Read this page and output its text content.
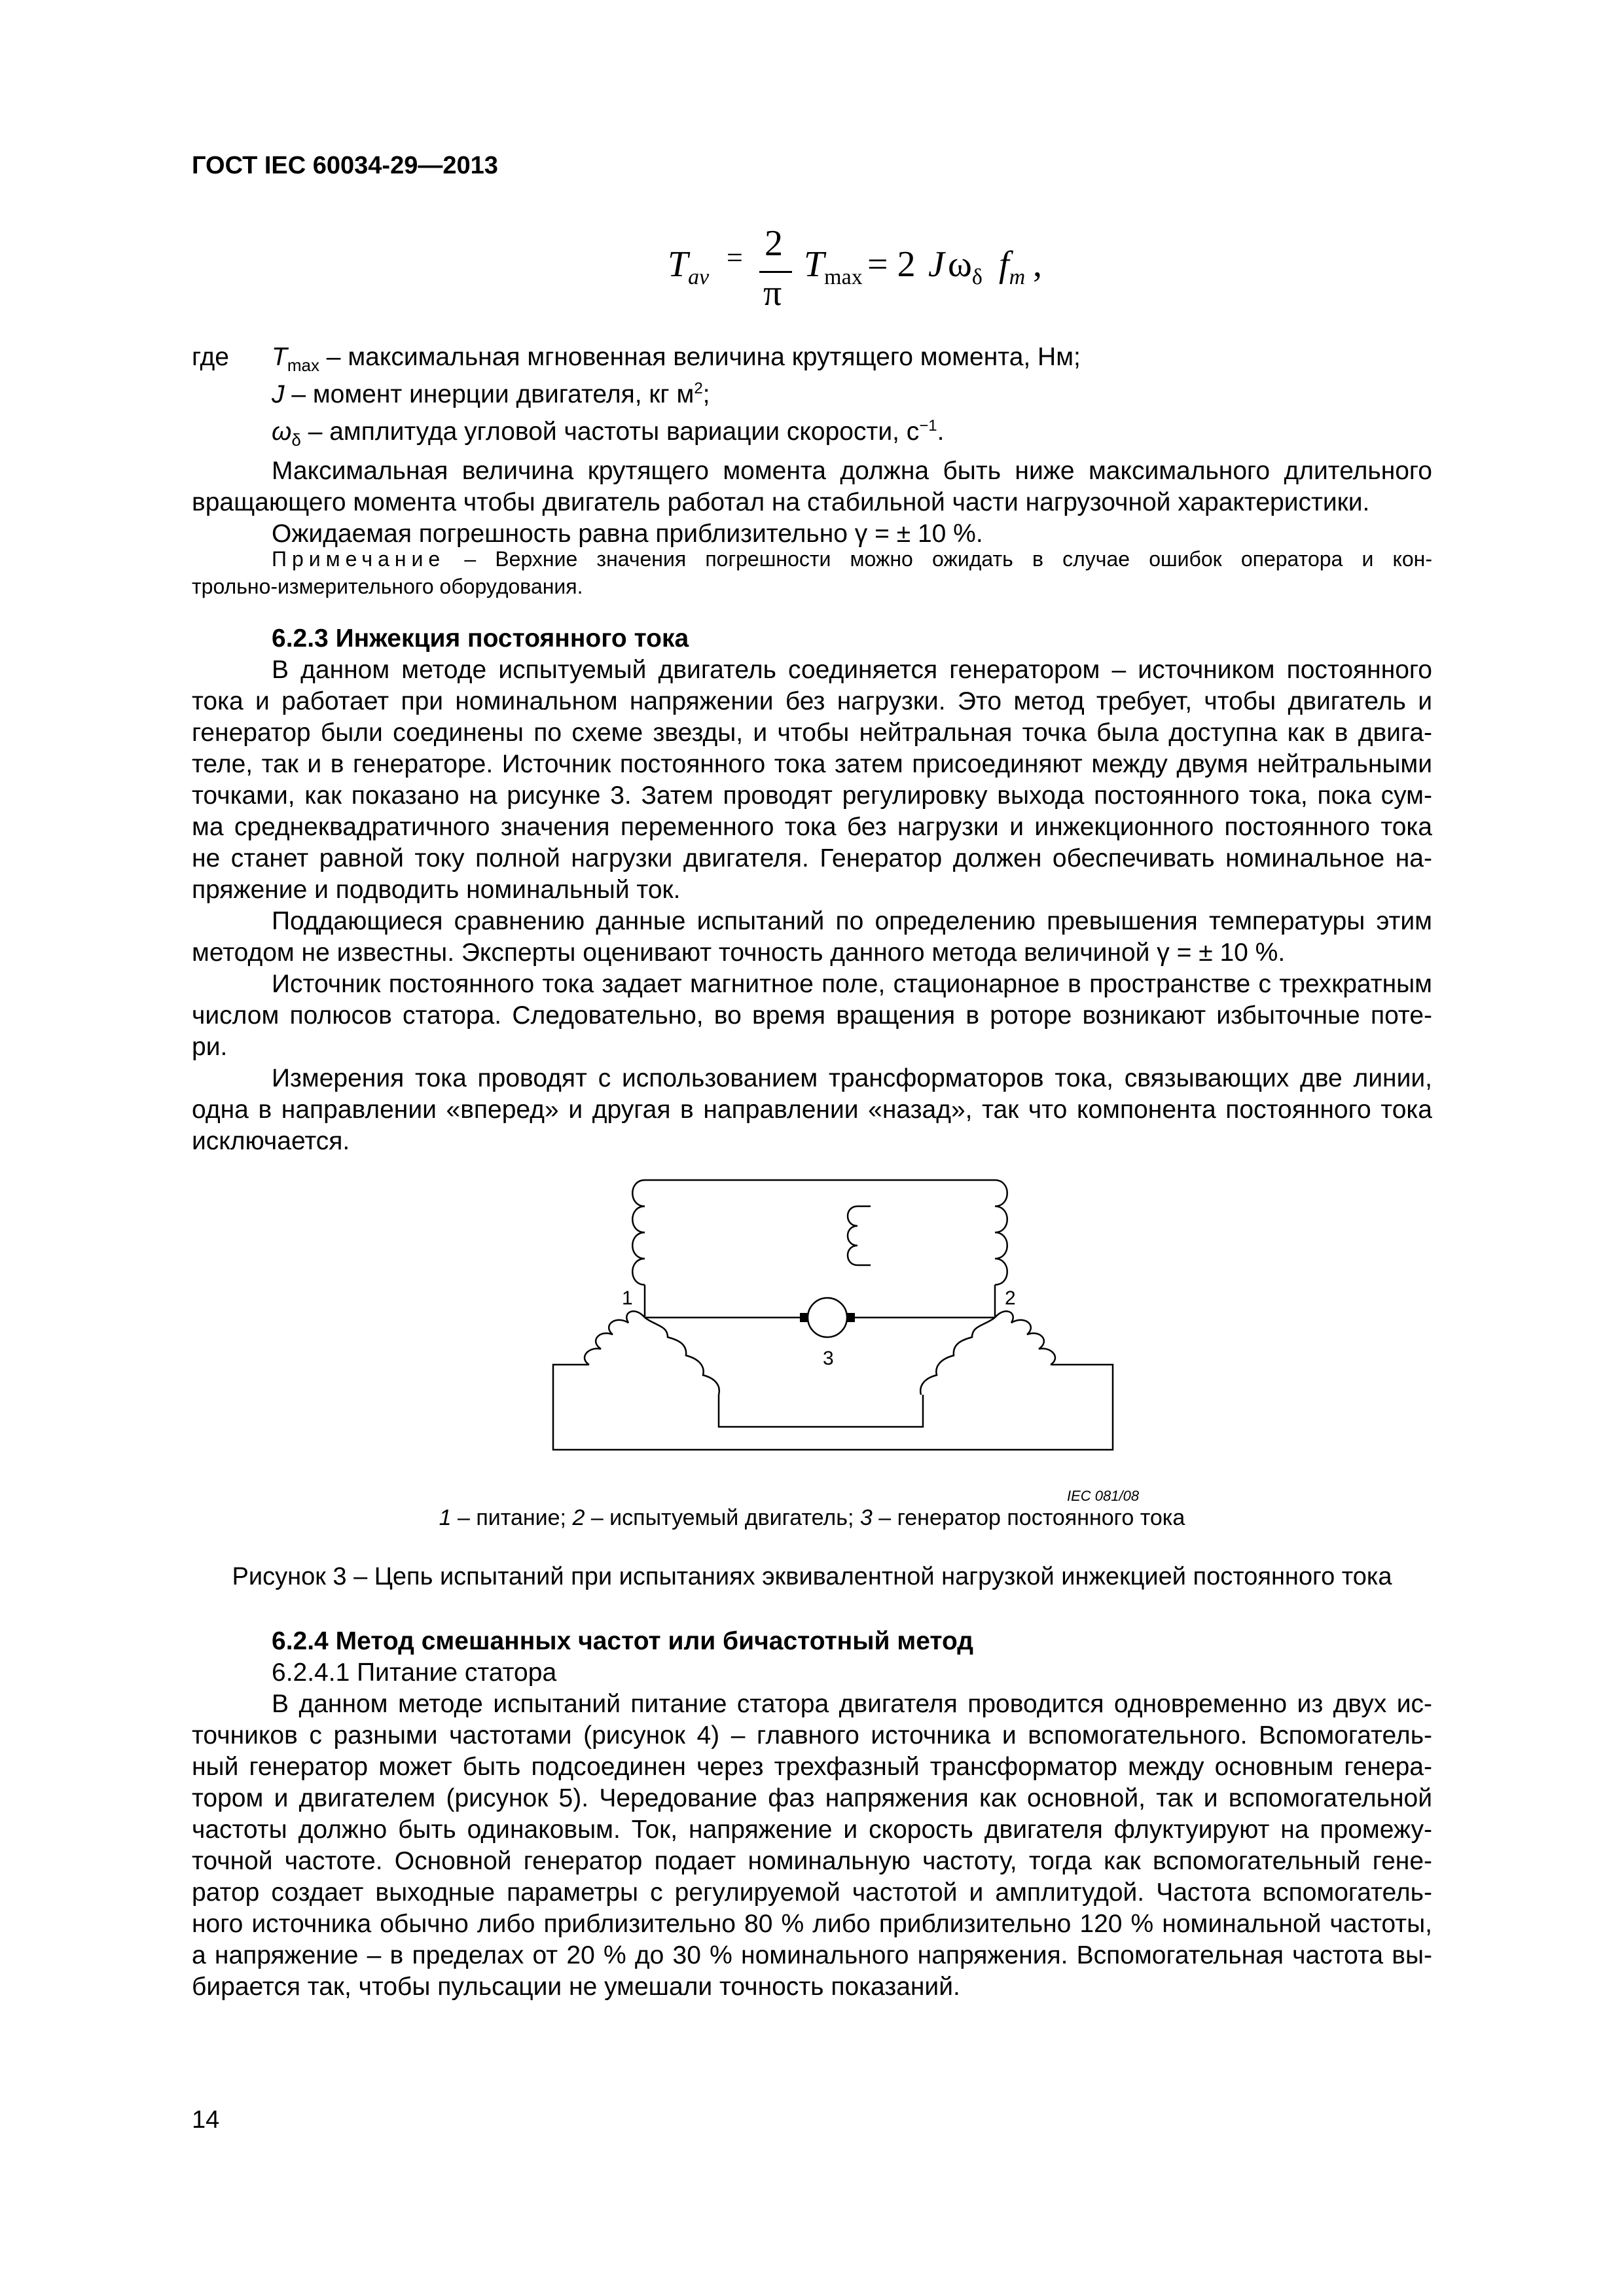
ГОСТ IEC 60034-29—2013
$T_{av}$
= 2
π
$T_{max} = 2$ J $\omega_\delta$ $f_m$ ,
где $T_{max}$ – максимальная мгновенная величина крутящего момента, Нм;
J – момент инерции двигателя, кг $м^2$;
$\omega_\delta$ – амплитуда угловой частоты вариации скорости, $с^{-1}$.

Максимальная величина крутящего момента должна быть ниже максимального длительного

вращающего момента чтобы двигатель работал на стабильной части нагрузочной характеристики.

Ожидаемая погрешность равна приблизительно γ = ± 10 %.

Примечание – Верхние значения погрешности можно ожидать в случае ошибок оператора и кон-

трольно-измерительного оборудования.

6.2.3 Инжекция постоянного тока

В данном методе испытуемый двигатель соединяется генератором – источником постоянного

тока и работает при номинальном напряжении без нагрузки. Это метод требует, чтобы двигатель и

генератор были соединены по схеме звезды, и чтобы нейтральная точка была доступна как в двига-

теле, так и в генераторе. Источник постоянного тока затем присоединяют между двумя нейтральными

точками, как показано на рисунке 3. Затем проводят регулировку выхода постоянного тока, пока сум-

ма среднеквадратичного значения переменного тока без нагрузки и инжекционного постоянного тока

не станет равной току полной нагрузки двигателя. Генератор должен обеспечивать номинальное на-

пряжение и подводить номинальный ток.

Поддающиеся сравнению данные испытаний по определению превышения температуры этим

методом не известны. Эксперты оценивают точность данного метода величиной γ = ± 10 %.

Источник постоянного тока задает магнитное поле, стационарное в пространстве с трехкратным

числом полюсов статора. Следовательно, во время вращения в роторе возникают избыточные поте-

ри.

Измерения тока проводят с использованием трансформаторов тока, связывающих две линии,

одна в направлении «вперед» и другая в направлении «назад», так что компонента постоянного тока

исключается.

1	2
3
IEC 081/08
1 – питание; 2 – испытуемый двигатель; 3 – генератор постоянного тока
Рисунок 3 – Цепь испытаний при испытаниях эквивалентной нагрузкой инжекцией постоянного тока

6.2.4 Метод смешанных частот или бичастотный метод

6.2.4.1 Питание статора

В данном методе испытаний питание статора двигателя проводится одновременно из двух ис-

точников с разными частотами (рисунок 4) – главного источника и вспомогательного. Вспомогатель-

ный генератор может быть подсоединен через трехфазный трансформатор между основным генера-

тором и двигателем (рисунок 5). Чередование фаз напряжения как основной, так и вспомогательной

частоты должно быть одинаковым. Ток, напряжение и скорость двигателя флуктуируют на промежу-

точной частоте. Основной генератор подает номинальную частоту, тогда как вспомогательный гене-

ратор создает выходные параметры с регулируемой частотой и амплитудой. Частота вспомогатель-

ного источника обычно либо приблизительно 80 % либо приблизительно 120 % номинальной частоты,

а напряжение – в пределах от 20 % до 30 % номинального напряжения. Вспомогательная частота вы-

бирается так, чтобы пульсации не умешали точность показаний.

14
